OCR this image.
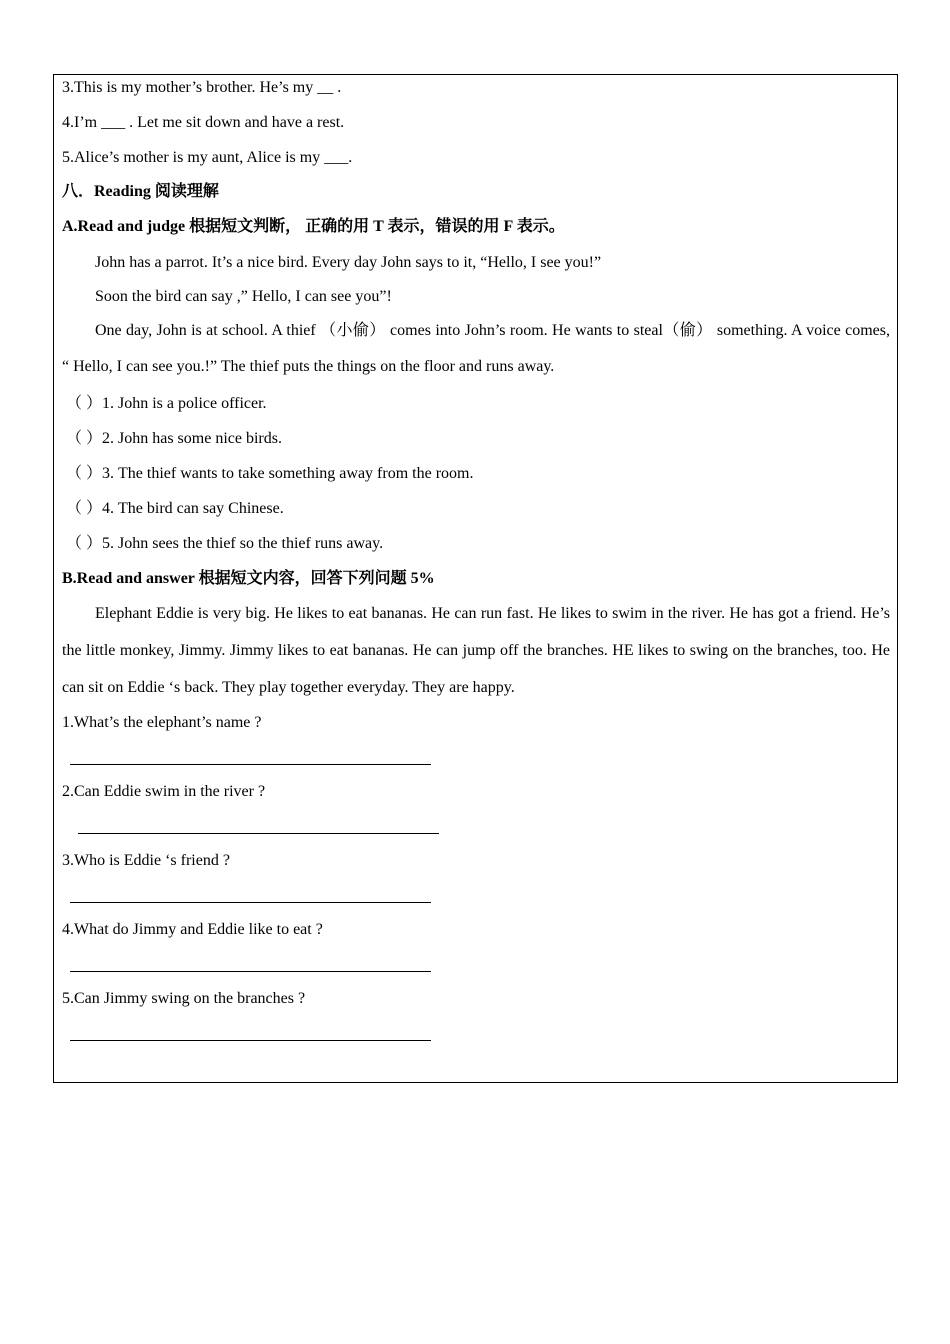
3.This is my mother’s brother. He’s my __ .
4.I’m ___ . Let me sit down and have a rest.
5.Alice’s mother is my aunt, Alice is my ___.
八．Reading 阅读理解
A.Read and judge 根据短文判断， 正确的用 T 表示，错误的用 F 表示。
John has a parrot. It’s a nice bird. Every day John says to it, “Hello, I see you!”
Soon the bird can say ,” Hello, I can see you”!

One day, John is at school. A thief （小偷） comes into John’s room. He wants to steal（偷） something. A voice comes, “ Hello, I can see you.!” The thief puts the things on the floor and runs away.

（ ）1. John is a police officer.
（ ）2. John has some nice birds.
（ ）3. The thief wants to take something away from the room.
（ ）4. The bird can say Chinese.
（ ）5. John sees the thief so the thief runs away.
B.Read and answer 根据短文内容，回答下列问题 5%

Elephant Eddie is very big. He likes to eat bananas. He can run fast. He likes to swim in the river. He has got a friend. He’s the little monkey, Jimmy. Jimmy likes to eat bananas. He can jump off the branches. HE likes to swing on the branches, too. He can sit on Eddie ‘s back. They play together everyday. They are happy.

1.What’s the elephant’s name ?
2.Can Eddie swim in the river ?
3.Who is Eddie ‘s friend ?
4.What do Jimmy and Eddie like to eat ?
5.Can Jimmy swing on the branches ?
